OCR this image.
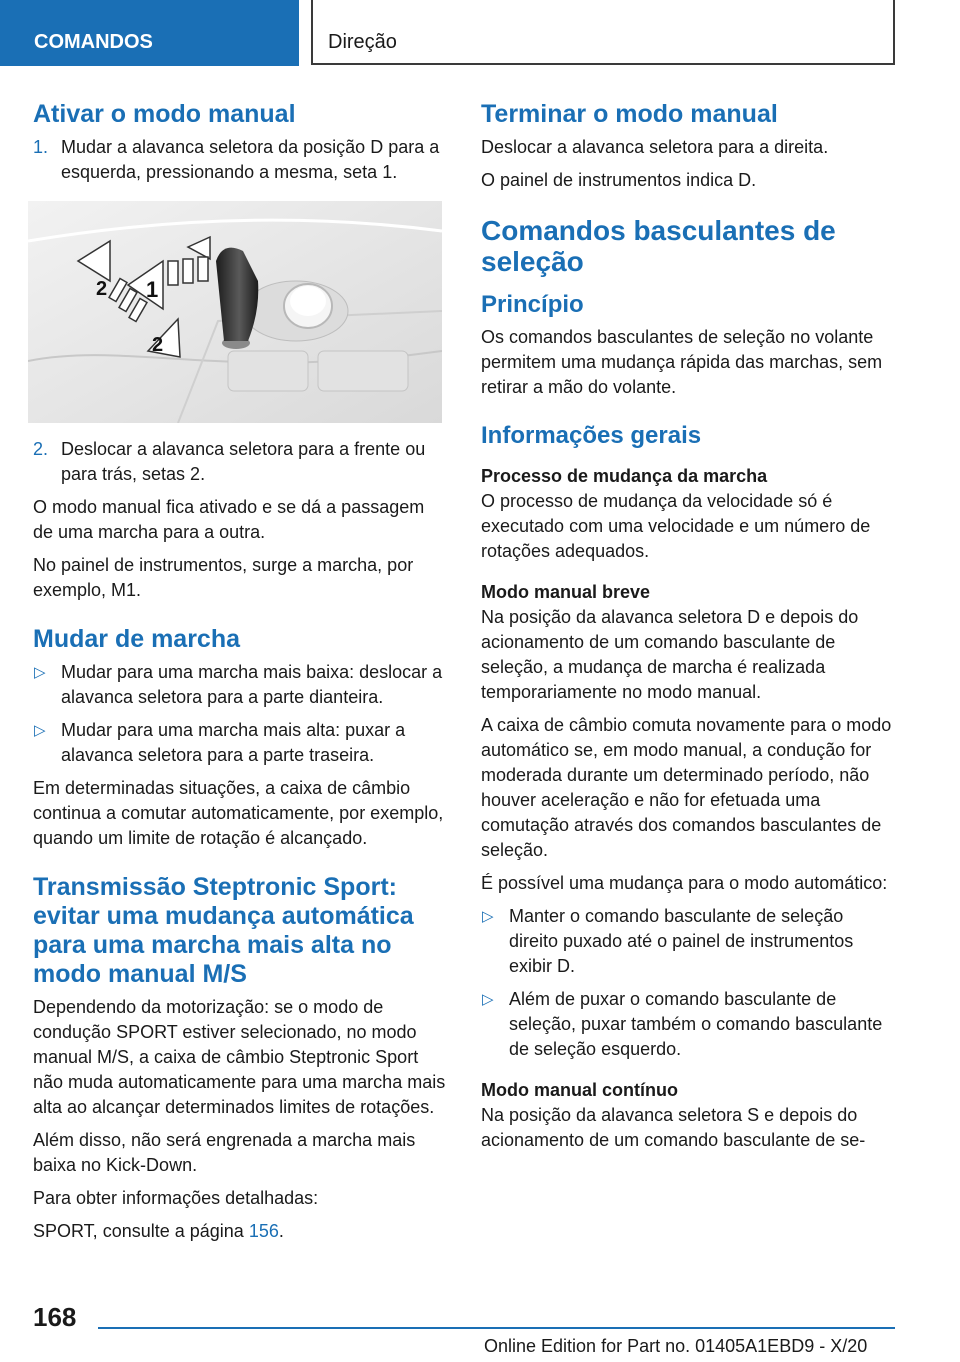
COMANDOS	Direção
Ativar o modo manual
1. Mudar a alavanca seletora da posição D para a esquerda, pressionando a mesma, seta 1.
1
2
2
2. Deslocar a alavanca seletora para a frente ou para trás, setas 2.

O modo manual fica ativado e se dá a passagem de uma marcha para a outra.

No painel de instrumentos, surge a marcha, por exemplo, M1.

Mudar de marcha
▷ Mudar para uma marcha mais baixa: deslocar a alavanca seletora para a parte dianteira.
▷ Mudar para uma marcha mais alta: puxar a alavanca seletora para a parte traseira.

Em determinadas situações, a caixa de câmbio continua a comutar automaticamente, por exemplo, quando um limite de rotação é alcançado.

Transmissão Steptronic Sport: evitar uma mudança automática para uma marcha mais alta no modo manual M/S

Dependendo da motorização: se o modo de condução SPORT estiver selecionado, no modo manual M/S, a caixa de câmbio Steptronic Sport não muda automaticamente para uma marcha mais alta ao alcançar determinados limites de rotações.

Além disso, não será engrenada a marcha mais baixa no Kick-Down.

Para obter informações detalhadas:

SPORT, consulte a página 156.

Terminar o modo manual

Deslocar a alavanca seletora para a direita.

O painel de instrumentos indica D.

Comandos basculantes de seleção
Princípio

Os comandos basculantes de seleção no volante permitem uma mudança rápida das marchas, sem retirar a mão do volante.

Informações gerais
Processo de mudança da marcha

O processo de mudança da velocidade só é executado com uma velocidade e um número de rotações adequados.

Modo manual breve

Na posição da alavanca seletora D e depois do acionamento de um comando basculante de seleção, a mudança de marcha é realizada temporariamente no modo manual.

A caixa de câmbio comuta novamente para o modo automático se, em modo manual, a condução for moderada durante um determinado período, não houver aceleração e não for efetuada uma comutação através dos comandos basculantes de seleção.

É possível uma mudança para o modo automático:

▷ Manter o comando basculante de seleção direito puxado até o painel de instrumentos exibir D.
▷ Além de puxar o comando basculante de seleção, puxar também o comando basculante de seleção esquerdo.
Modo manual contínuo

Na posição da alavanca seletora S e depois do acionamento de um comando basculante de se-

168
Online Edition for Part no. 01405A1EBD9 - X/20
